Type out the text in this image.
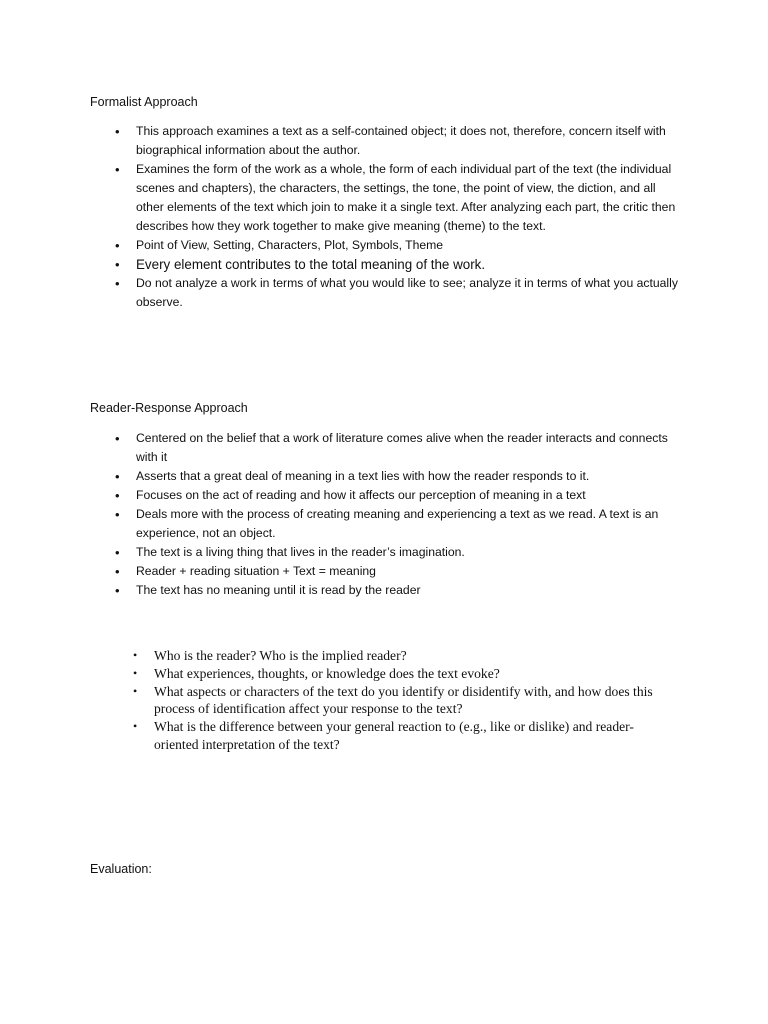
Formalist Approach
• This approach examines a text as a self-contained object; it does not, therefore, concern itself with biographical information about the author.
• Examines the form of the work as a whole, the form of each individual part of the text (the individual scenes and chapters), the characters, the settings, the tone, the point of view, the diction, and all other elements of the text which join to make it a single text. After analyzing each part, the critic then describes how they work together to make give meaning (theme) to the text.
• Point of View, Setting, Characters, Plot, Symbols, Theme
• Every element contributes to the total meaning of the work.
• Do not analyze a work in terms of what you would like to see; analyze it in terms of what you actually observe.
Reader-Response Approach
• Centered on the belief that a work of literature comes alive when the reader interacts and connects with it
• Asserts that a great deal of meaning in a text lies with how the reader responds to it.
• Focuses on the act of reading and how it affects our perception of meaning in a text
• Deals more with the process of creating meaning and experiencing a text as we read. A text is an experience, not an object.
• The text is a living thing that lives in the reader’s imagination.
• Reader + reading situation + Text = meaning
• The text has no meaning until it is read by the reader
• Who is the reader? Who is the implied reader?
• What experiences, thoughts, or knowledge does the text evoke?
• What aspects or characters of the text do you identify or disidentify with, and how does this process of identification affect your response to the text?
• What is the difference between your general reaction to (e.g., like or dislike) and reader-oriented interpretation of the text?
Evaluation:
